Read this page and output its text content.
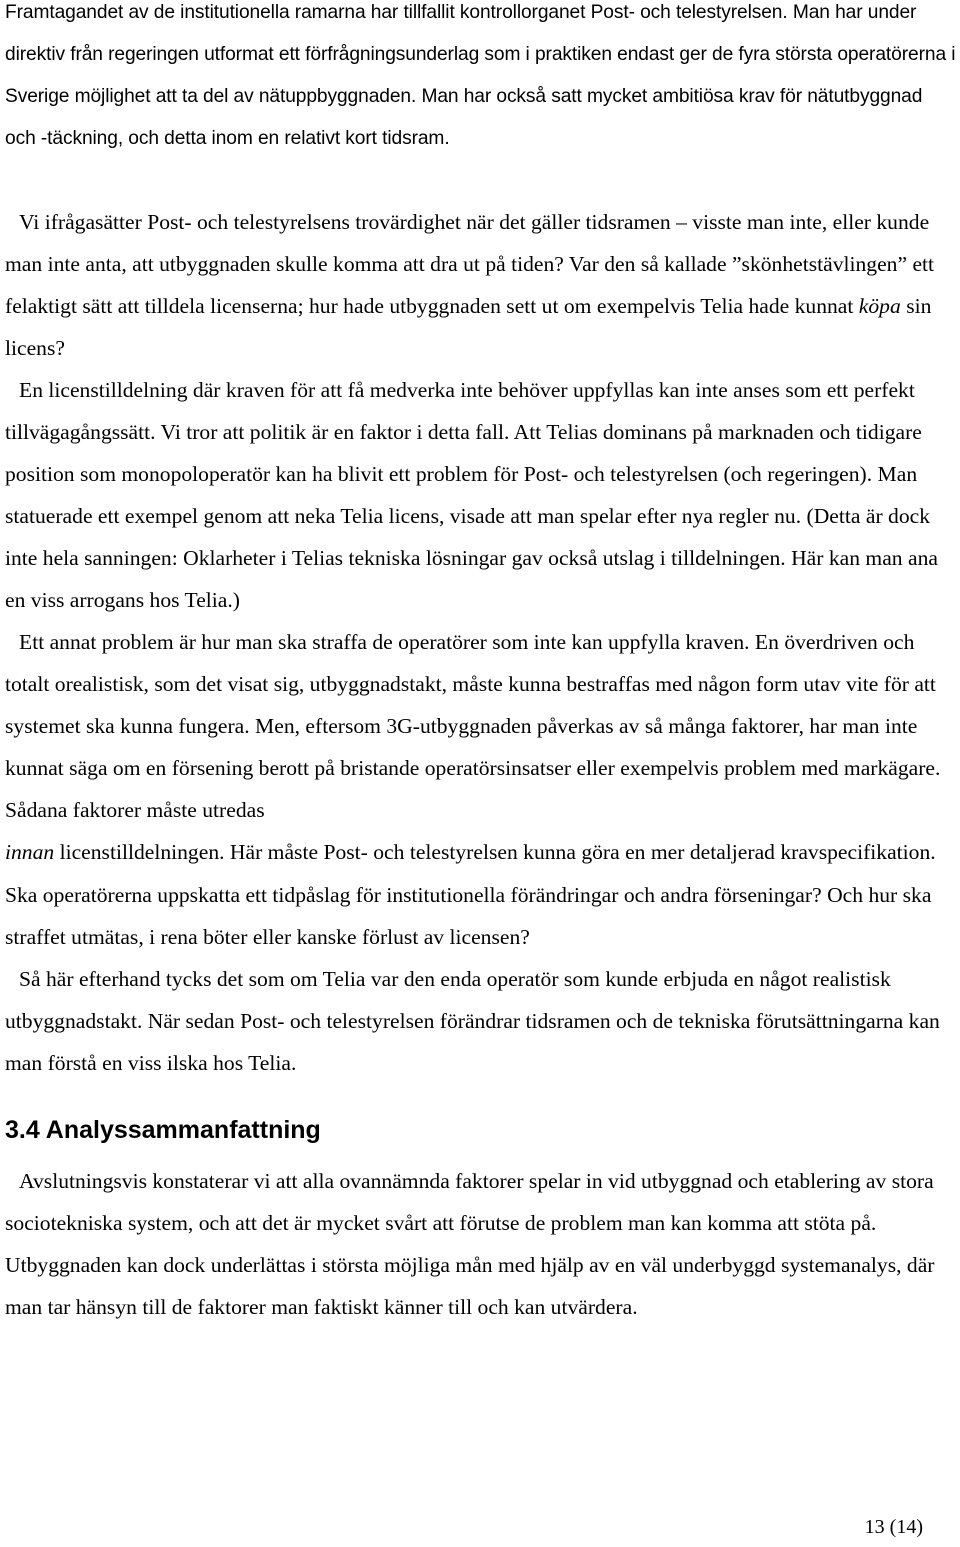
Framtagandet av de institutionella ramarna har tillfallit kontrollorganet Post- och telestyrelsen. Man har under direktiv från regeringen utformat ett förfrågningsunderlag som i praktiken endast ger de fyra största operatörerna i Sverige möjlighet att ta del av nätuppbyggnaden. Man har också satt mycket ambitiösa krav för nätutbyggnad och -täckning, och detta inom en relativt kort tidsram.

Vi ifrågasätter Post- och telestyrelsens trovärdighet när det gäller tidsramen – visste man inte, eller kunde man inte anta, att utbyggnaden skulle komma att dra ut på tiden? Var den så kallade ”skönhetstävlingen” ett felaktigt sätt att tilldela licenserna; hur hade utbyggnaden sett ut om exempelvis Telia hade kunnat köpa sin licens?

En licenstilldelning där kraven för att få medverka inte behöver uppfyllas kan inte anses som ett perfekt tillvägagångssätt. Vi tror att politik är en faktor i detta fall. Att Telias dominans på marknaden och tidigare position som monopoloperatör kan ha blivit ett problem för Post- och telestyrelsen (och regeringen). Man statuerade ett exempel genom att neka Telia licens, visade att man spelar efter nya regler nu. (Detta är dock inte hela sanningen: Oklarheter i Telias tekniska lösningar gav också utslag i tilldelningen. Här kan man ana en viss arrogans hos Telia.)

Ett annat problem är hur man ska straffa de operatörer som inte kan uppfylla kraven. En överdriven och totalt orealistisk, som det visat sig, utbyggnadstakt, måste kunna bestraffas med någon form utav vite för att systemet ska kunna fungera. Men, eftersom 3G-utbyggnaden påverkas av så många faktorer, har man inte kunnat säga om en försening berott på bristande operatörsinsatser eller exempelvis problem med markägare. Sådana faktorer måste utredas
innan licenstilldelningen. Här måste Post- och telestyrelsen kunna göra en mer detaljerad kravspecifikation. Ska operatörerna uppskatta ett tidpåslag för institutionella förändringar och andra förseningar? Och hur ska straffet utmätas, i rena böter eller kanske förlust av licensen?

Så här efterhand tycks det som om Telia var den enda operatör som kunde erbjuda en något realistisk utbyggnadstakt. När sedan Post- och telestyrelsen förändrar tidsramen och de tekniska förutsättningarna kan man förstå en viss ilska hos Telia.

3.4 Analyssammanfattning

Avslutningsvis konstaterar vi att alla ovannämnda faktorer spelar in vid utbyggnad och etablering av stora sociotekniska system, och att det är mycket svårt att förutse de problem man kan komma att stöta på. Utbyggnaden kan dock underlättas i största möjliga mån med hjälp av en väl underbyggd systemanalys, där man tar hänsyn till de faktorer man faktiskt känner till och kan utvärdera.

13 (14)
